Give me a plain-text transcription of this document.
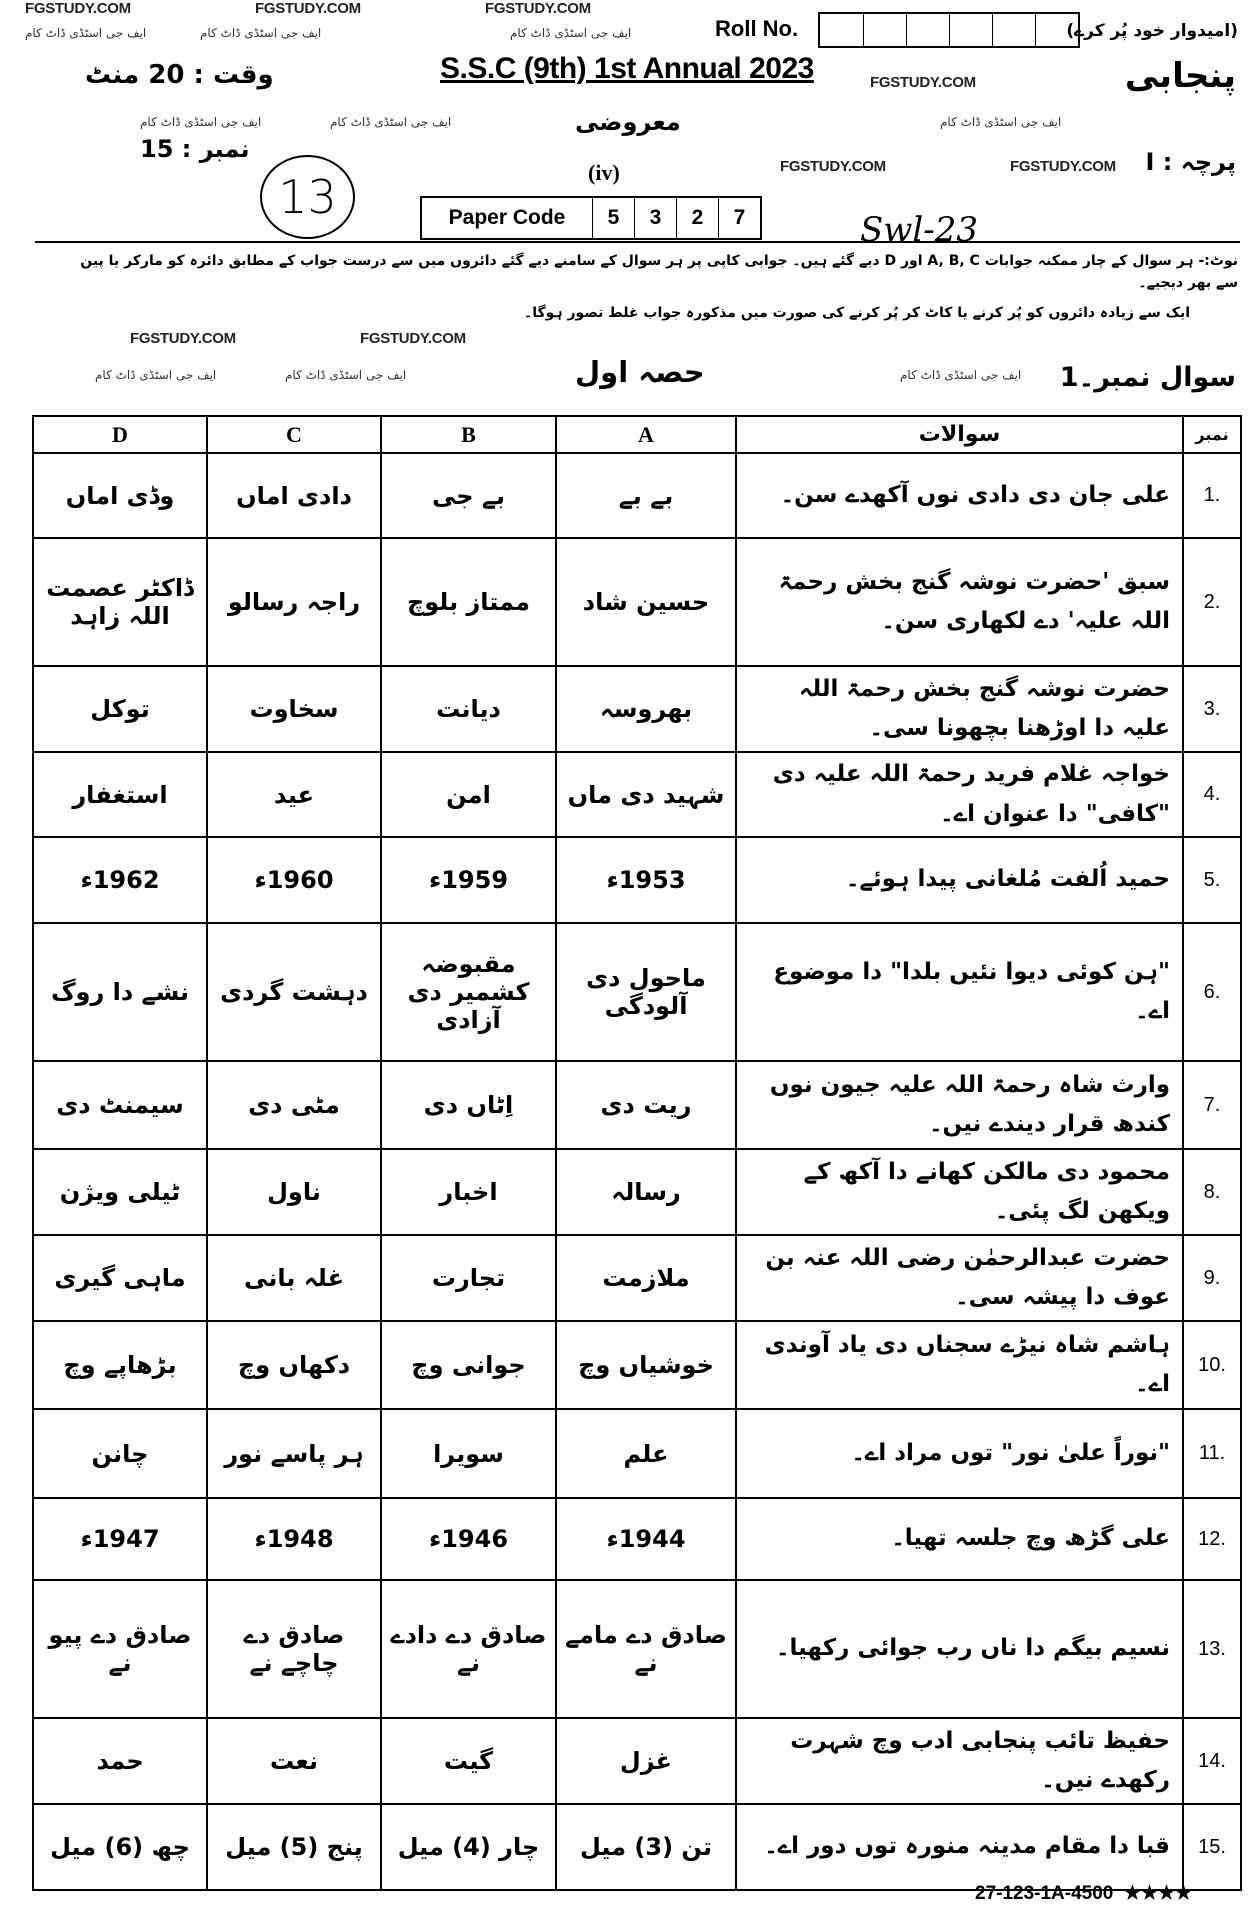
FGSTUDY.COM	FGSTUDY.COM	FGSTUDY.COM
ایف جی اسٹڈی ڈاٹ کام	ایف جی اسٹڈی ڈاٹ کام	ایف جی اسٹڈی ڈاٹ کام
FGSTUDY.COM
FGSTUDY.COM	FGSTUDY.COM
FGSTUDY.COM	FGSTUDY.COM
ایف جی اسٹڈی ڈاٹ کام	ایف جی اسٹڈی ڈاٹ کام	ایف جی اسٹڈی ڈاٹ کام
ایف جی اسٹڈی ڈاٹ کام	ایف جی اسٹڈی ڈاٹ کام	ایف جی اسٹڈی ڈاٹ کام
(امیدوار خود پُر کرے)
Roll No.
S.S.C (9th) 1st Annual 2023	پنجابی
وقت : 20 منٹ
معروضی
نمبر : 15	پرچہ : I
(iv)
13	Paper Code	5	3	2	7	Swl-23
نوٹ:- ہر سوال کے چار ممکنہ جوابات A, B, C اور D دیے گئے ہیں۔ جوابی کاپی پر ہر سوال کے سامنے دیے گئے دائروں میں سے درست جواب کے مطابق دائرہ کو مارکر یا پین سے بھر دیجیے۔
ایک سے زیادہ دائروں کو پُر کرنے یا کاٹ کر پُر کرنے کی صورت میں مذکورہ جواب غلط تصور ہوگا۔
سوال نمبر۔1
حصہ اول
D	C	B	A	سوالات	نمبر
وڈی اماں	دادی اماں	بے جی	بے بے	علی جان دی دادی نوں آکھدے سن۔	1.
ڈاکٹر عصمت اللہ زاہد	راجہ رسالو	ممتاز بلوچ	حسین شاد	سبق 'حضرت نوشہ گنج بخش رحمۃ اللہ علیہ' دے لکھاری سن۔	2.
توکل	سخاوت	دیانت	بھروسہ	حضرت نوشہ گنج بخش رحمۃ اللہ علیہ دا اوڑھنا بچھونا سی۔	3.
استغفار	عید	امن	شہید دی ماں	خواجہ غلام فرید رحمۃ اللہ علیہ دی "کافی" دا عنوان اے۔	4.
1962ء	1960ء	1959ء	1953ء	حمید اُلفت مُلغانی پیدا ہوئے۔	5.
نشے دا روگ	دہشت گردی	مقبوضہ کشمیر دی آزادی	ماحول دی آلودگی	"ہن کوئی دیوا نئیں بلدا" دا موضوع اے۔	6.
سیمنٹ دی	مٹی دی	اِٹاں دی	ریت دی	وارث شاہ رحمۃ اللہ علیہ جیون نوں کندھ قرار دیندے نیں۔	7.
ٹیلی ویژن	ناول	اخبار	رسالہ	محمود دی مالکن کھانے دا آکھ کے ویکھن لگ پئی۔	8.
ماہی گیری	غلہ بانی	تجارت	ملازمت	حضرت عبدالرحمٰن رضی اللہ عنہ بن عوف دا پیشہ سی۔	9.
بڑھاپے وچ	دکھاں وچ	جوانی وچ	خوشیاں وچ	ہاشم شاہ نیڑے سجناں دی یاد آوندی اے۔	10.
چانن	ہر پاسے نور	سویرا	علم	"نوراً علیٰ نور" توں مراد اے۔	11.
1947ء	1948ء	1946ء	1944ء	علی گڑھ وچ جلسہ تھیا۔	12.
صادق دے پیو نے	صادق دے چاچے نے	صادق دے دادے نے	صادق دے مامے نے	نسیم بیگم دا ناں رب جوائی رکھیا۔	13.
حمد	نعت	گیت	غزل	حفیظ تائب پنجابی ادب وچ شہرت رکھدے نیں۔	14.
چھ (6) میل	پنج (5) میل	چار (4) میل	تن (3) میل	قبا دا مقام مدینہ منورہ توں دور اے۔	15.
27-123-1A-4500 ★★★★
